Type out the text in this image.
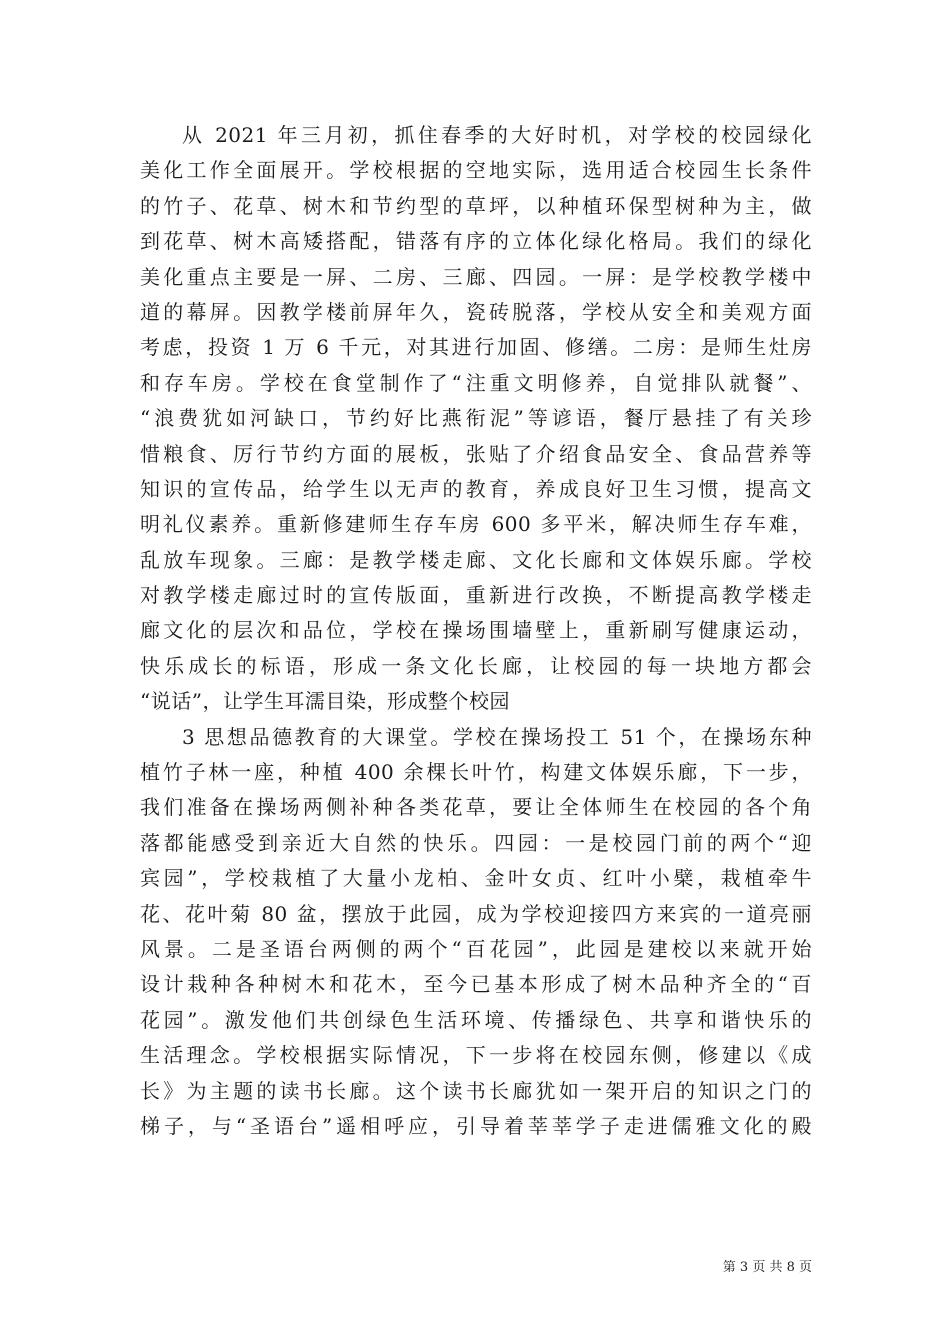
从 2021 年三月初，抓住春季的大好时机，对学校的校园绿化
美化工作全面展开。学校根据的空地实际，选用适合校园生长条件
的竹子、花草、树木和节约型的草坪，以种植环保型树种为主，做
到花草、树木高矮搭配，错落有序的立体化绿化格局。我们的绿化
美化重点主要是一屏、二房、三廊、四园。一屏：是学校教学楼中
道的幕屏。因教学楼前屏年久，瓷砖脱落，学校从安全和美观方面
考虑，投资 1 万 6 千元，对其进行加固、修缮。二房：是师生灶房
和存车房。学校在食堂制作了“注重文明修养，自觉排队就餐”、
“浪费犹如河缺口，节约好比燕衔泥”等谚语，餐厅悬挂了有关珍
惜粮食、厉行节约方面的展板，张贴了介绍食品安全、食品营养等
知识的宣传品，给学生以无声的教育，养成良好卫生习惯，提高文
明礼仪素养。重新修建师生存车房 600 多平米，解决师生存车难，
乱放车现象。三廊：是教学楼走廊、文化长廊和文体娱乐廊。学校
对教学楼走廊过时的宣传版面，重新进行改换，不断提高教学楼走
廊文化的层次和品位，学校在操场围墙壁上，重新刷写健康运动，
快乐成长的标语，形成一条文化长廊，让校园的每一块地方都会
“说话”，让学生耳濡目染，形成整个校园
3 思想品德教育的大课堂。学校在操场投工 51 个，在操场东种
植竹子林一座，种植 400 余棵长叶竹，构建文体娱乐廊，下一步，
我们准备在操场两侧补种各类花草，要让全体师生在校园的各个角
落都能感受到亲近大自然的快乐。四园：一是校园门前的两个“迎
宾园”，学校栽植了大量小龙柏、金叶女贞、红叶小檗，栽植牵牛
花、花叶菊 80 盆，摆放于此园，成为学校迎接四方来宾的一道亮丽
风景。二是圣语台两侧的两个“百花园”，此园是建校以来就开始
设计栽种各种树木和花木，至今已基本形成了树木品种齐全的“百
花园”。激发他们共创绿色生活环境、传播绿色、共享和谐快乐的
生活理念。学校根据实际情况，下一步将在校园东侧，修建以《成
长》为主题的读书长廊。这个读书长廊犹如一架开启的知识之门的
梯子，与“圣语台”遥相呼应，引导着莘莘学子走进儒雅文化的殿
第 3 页 共 8 页
